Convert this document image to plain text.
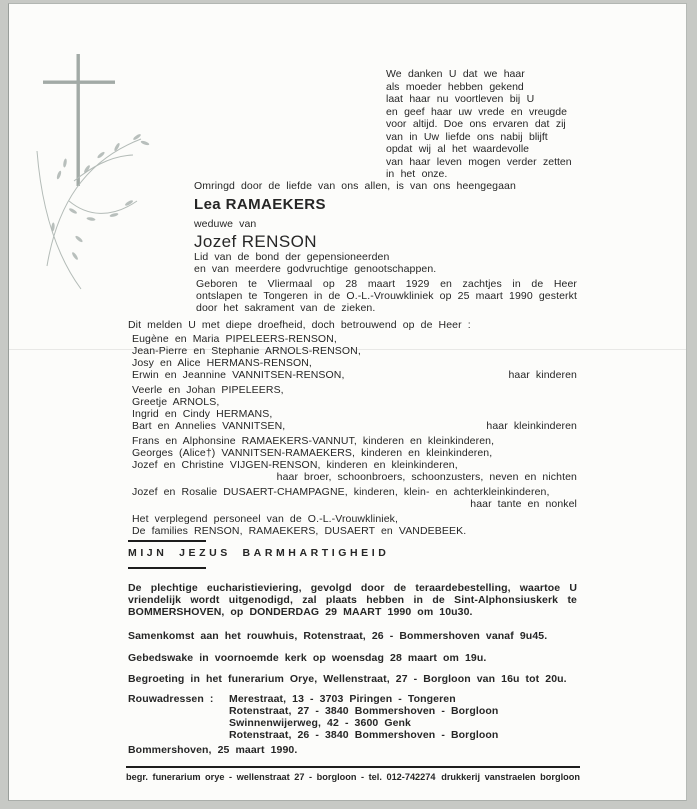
We danken U dat we haar
als moeder hebben gekend
laat haar nu voortleven bij U
en geef haar uw vrede en vreugde
voor altijd. Doe ons ervaren dat zij
van in Uw liefde ons nabij blijft
opdat wij al het waardevolle
van haar leven mogen verder zetten
in het onze.
Omringd door de liefde van ons allen, is van ons heengegaan
Lea RAMAEKERS
weduwe van
Jozef RENSON
Lid van de bond der gepensioneerden
en van meerdere godvruchtige genootschappen.
Geboren te Vliermaal op 28 maart 1929 en zachtjes in de Heer ontslapen te Tongeren in de O.-L.-Vrouwkliniek op 25 maart 1990 gesterkt door het sakrament van de zieken.
Dit melden U met diepe droefheid, doch betrouwend op de Heer :
Eugène en Maria PIPELEERS-RENSON,
Jean-Pierre en Stephanie ARNOLS-RENSON,
Josy en Alice HERMANS-RENSON,
Erwin en Jeannine VANNITSEN-RENSON,	haar kinderen
Veerle en Johan PIPELEERS,
Greetje ARNOLS,
Ingrid en Cindy HERMANS,
Bart en Annelies VANNITSEN,	haar kleinkinderen
Frans en Alphonsine RAMAEKERS-VANNUT, kinderen en kleinkinderen,
Georges (Alice†) VANNITSEN-RAMAEKERS, kinderen en kleinkinderen,
Jozef en Christine VIJGEN-RENSON, kinderen en kleinkinderen,
haar broer, schoonbroers, schoonzusters, neven en nichten
Jozef en Rosalie DUSAERT-CHAMPAGNE, kinderen, klein- en achterkleinkinderen,
haar tante en nonkel
Het verplegend personeel van de O.-L.-Vrouwkliniek,
De families RENSON, RAMAEKERS, DUSAERT en VANDEBEEK.
MIJN JEZUS BARMHARTIGHEID
De plechtige eucharistieviering, gevolgd door de teraardebestelling, waartoe U vriendelijk wordt uitgenodigd, zal plaats hebben in de Sint-Alphonsiuskerk te BOMMERSHOVEN, op DONDERDAG 29 MAART 1990 om 10u30.
Samenkomst aan het rouwhuis, Rotenstraat, 26 - Bommershoven vanaf 9u45.
Gebedswake in voornoemde kerk op woensdag 28 maart om 19u.
Begroeting in het funerarium Orye, Wellenstraat, 27 - Borgloon van 16u tot 20u.
Rouwadressen :	Merestraat, 13 - 3703 Piringen - Tongeren
Rotenstraat, 27 - 3840 Bommershoven - Borgloon
Swinnenwijerweg, 42 - 3600 Genk
Rotenstraat, 26 - 3840 Bommershoven - Borgloon
Bommershoven, 25 maart 1990.
begr. funerarium orye - wellenstraat 27 - borgloon - tel. 012-742274 drukkerij vanstraelen borgloon
